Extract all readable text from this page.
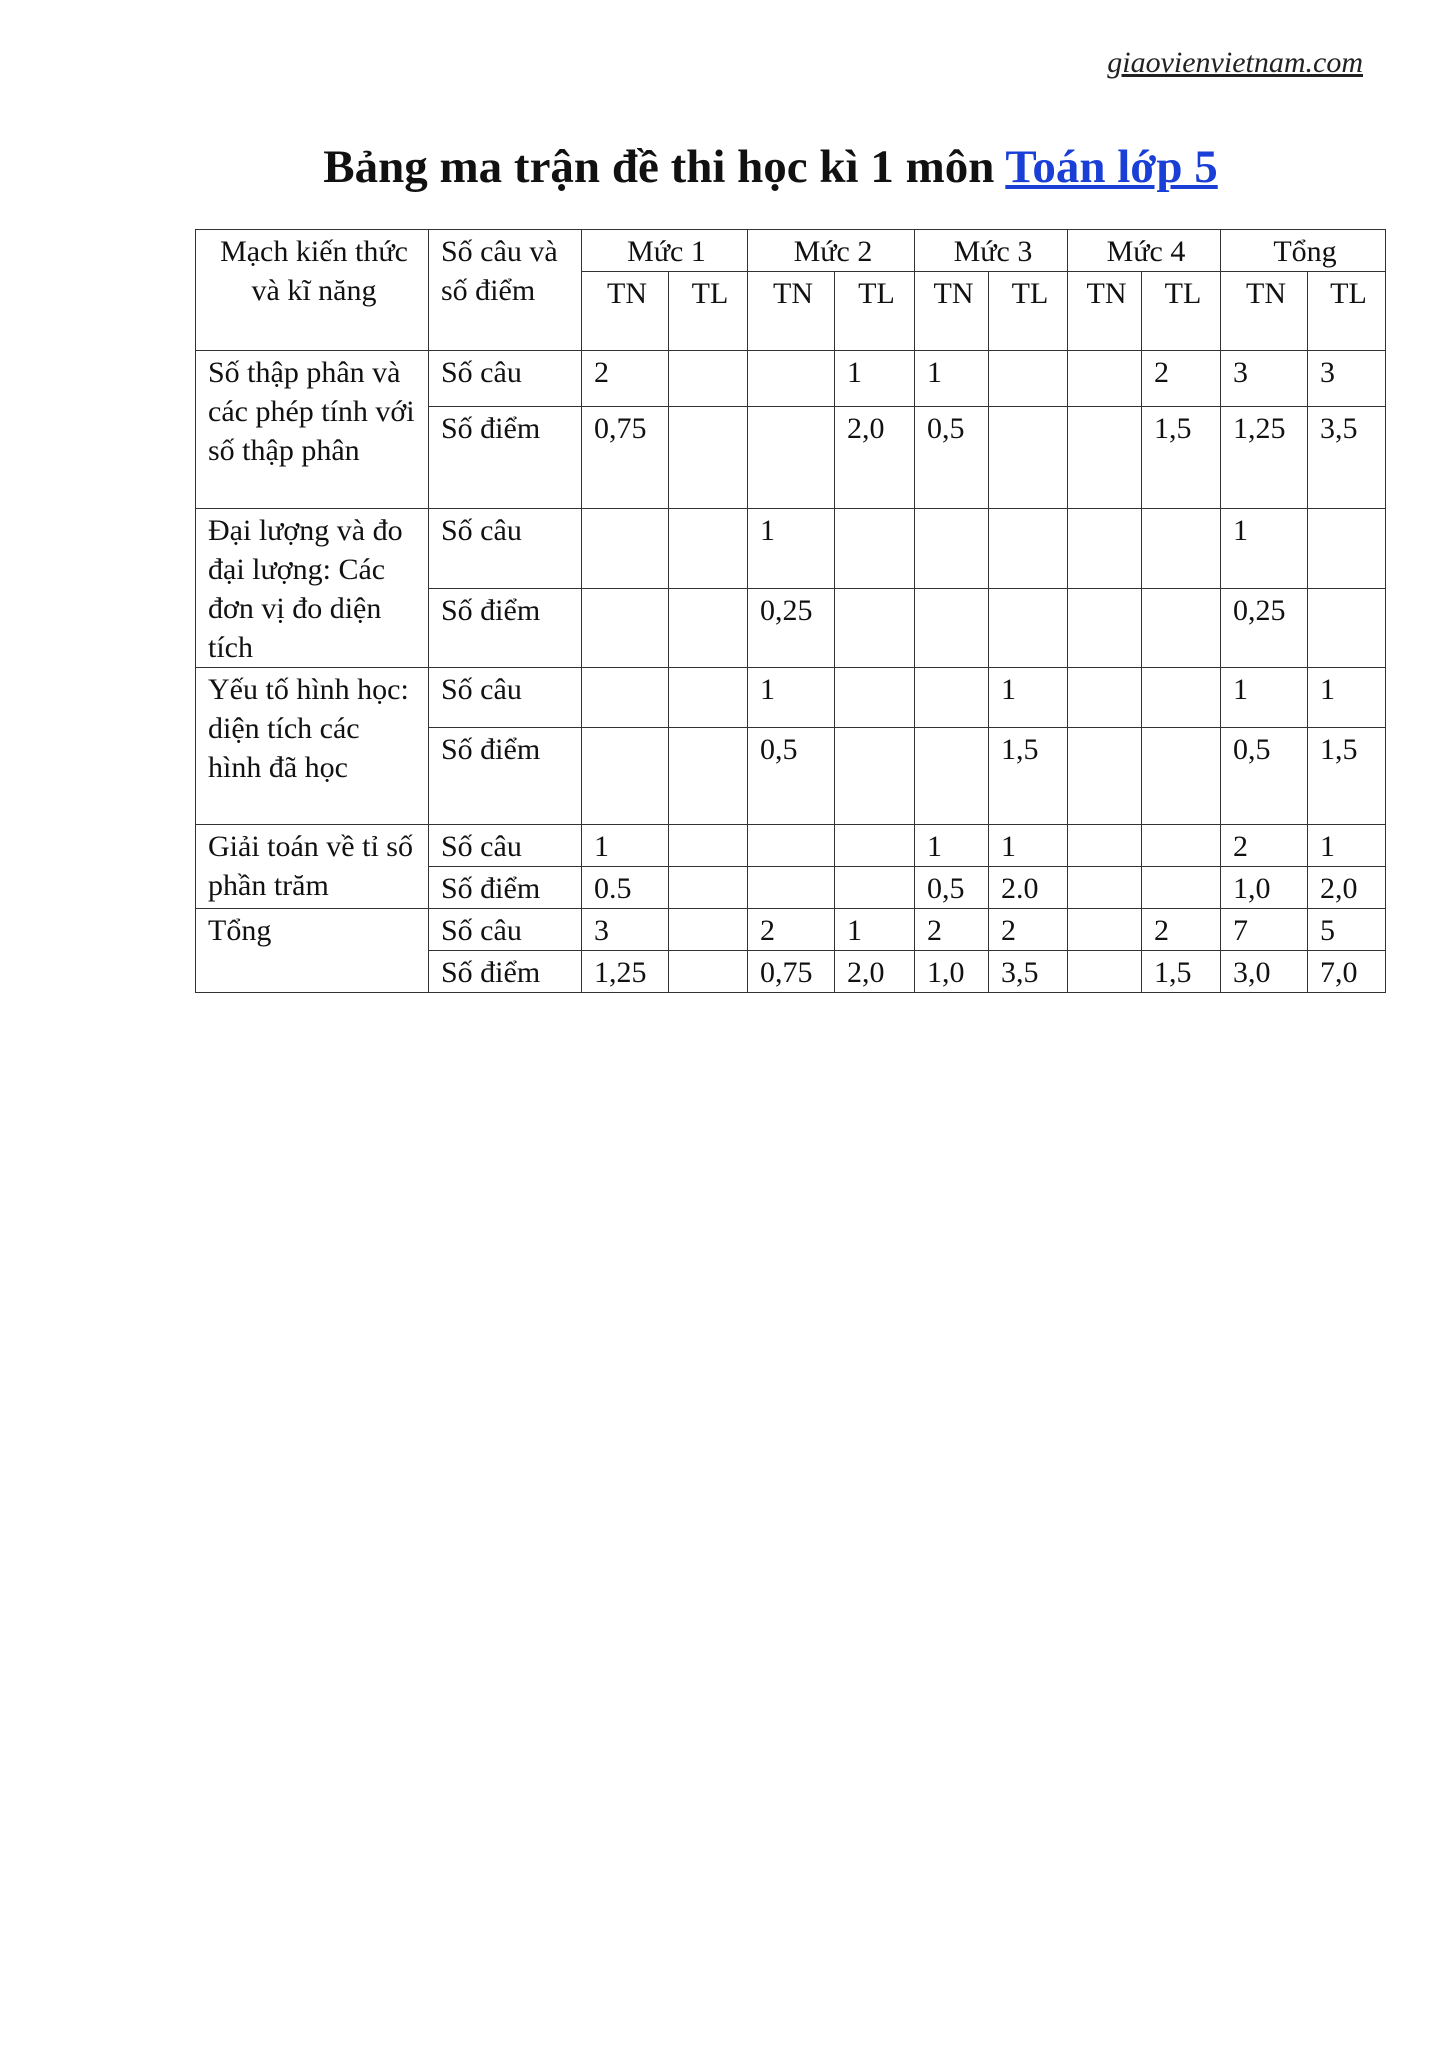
giaovienvietnam.com
Bảng ma trận đề thi học kì 1 môn Toán lớp 5
Mạch kiến thức và kĩ năng	Số câu và số điểm	Mức 1		Mức 2		Mức 3		Mức 4		Tổng	
		TN	TL	TN	TL	TN	TL	TN	TL	TN	TL
Số thập phân và các phép tính với số thập phân	Số câu	2			1	1			2	3	3
	Số điểm	0,75			2,0	0,5			1,5	1,25	3,5
Đại lượng và đo đại lượng: Các đơn vị đo diện tích	Số câu			1						1	
	Số điểm			0,25						0,25	
Yếu tố hình học: diện tích các hình đã học	Số câu			1			1			1	1
	Số điểm			0,5			1,5			0,5	1,5
Giải toán về tỉ số phần trăm	Số câu	1				1	1			2	1
	Số điểm	0.5				0,5	2.0			1,0	2,0
Tổng	Số câu	3		2	1	2	2		2	7	5
	Số điểm	1,25		0,75	2,0	1,0	3,5		1,5	3,0	7,0
